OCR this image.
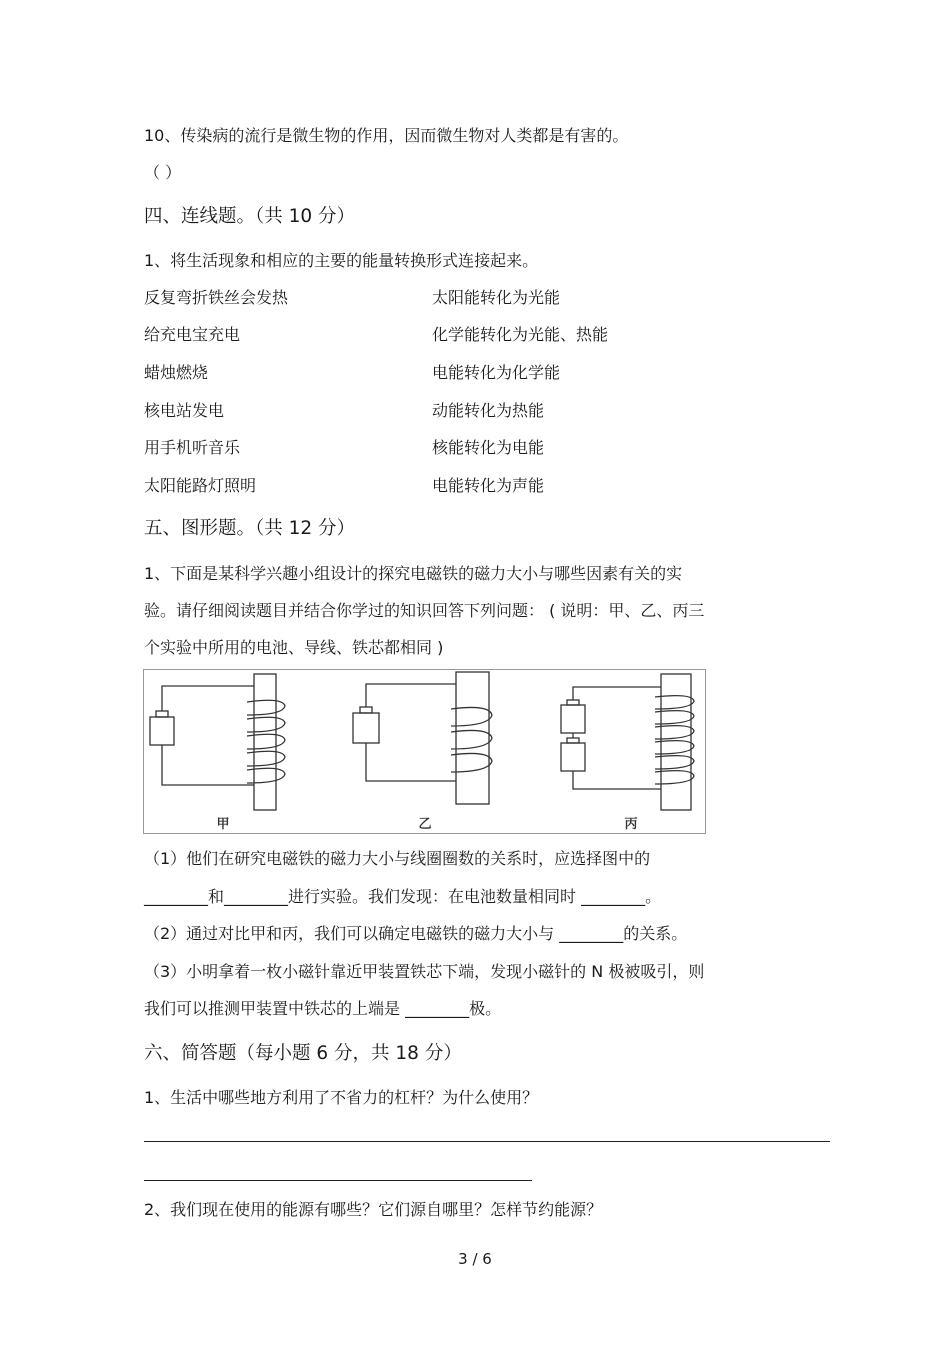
10、传染病的流行是微生物的作用，因而微生物对人类都是有害的。
（ ）
四、连线题。（共 10 分）
1、将生活现象和相应的主要的能量转换形式连接起来。
反复弯折铁丝会发热
给充电宝充电
蜡烛燃烧
核电站发电
用手机听音乐
太阳能路灯照明
太阳能转化为光能
化学能转化为光能、热能
电能转化为化学能
动能转化为热能
核能转化为电能
电能转化为声能
五、图形题。（共 12 分）
1、下面是某科学兴趣小组设计的探究电磁铁的磁力大小与哪些因素有关的实
验。请仔细阅读题目并结合你学过的知识回答下列问题： ( 说明：甲、乙、丙三
个实验中所用的电池、导线、铁芯都相同 )
甲	乙	丙
（1）他们在研究电磁铁的磁力大小与线圈圈数的关系时，应选择图中的
________和________进行实验。我们发现：在电池数量相同时 ________。
（2）通过对比甲和丙，我们可以确定电磁铁的磁力大小与 ________的关系。
（3）小明拿着一枚小磁针靠近甲装置铁芯下端，发现小磁针的 N 极被吸引，则
我们可以推测甲装置中铁芯的上端是 ________极。
六、简答题（每小题 6 分，共 18 分）
1、生活中哪些地方利用了不省力的杠杆？为什么使用？
2、我们现在使用的能源有哪些？它们源自哪里？怎样节约能源？
3 / 6
